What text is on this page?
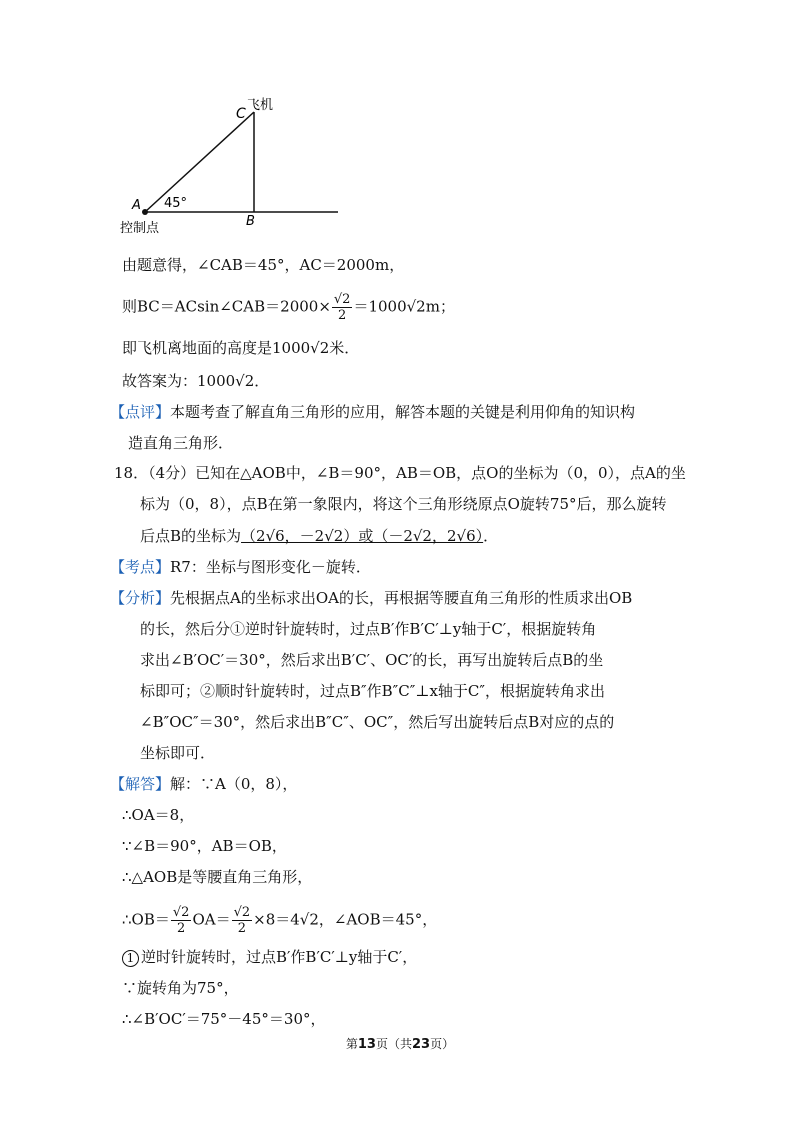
C
飞机
A 45°
B
控制点
由题意得，∠CAB＝45°，AC＝2000m，
则BC＝ACsin∠CAB＝2000× $\frac{√2}{2} =1000√2m$；
即飞机离地面的高度是1000√2米．
故答案为：1000√2．
【点评】本题考查了解直角三角形的应用，解答本题的关键是利用仰角的知识构
造直角三角形．
18．（4分）已知在△AOB中，∠B＝90°，AB＝OB，点O的坐标为（0，0），点A的坐
标为（0，8），点B在第一象限内，将这个三角形绕原点O旋转75°后，那么旋转
后点B的坐标为（2√6，－2√2）或（－2√2，2√6）．
【考点】R7：坐标与图形变化－旋转．
【分析】先根据点A的坐标求出OA的长，再根据等腰直角三角形的性质求出OB
的长，然后分①逆时针旋转时，过点B′作B′C′⊥y轴于C′，根据旋转角
求出∠B′OC′＝30°，然后求出B′C′、OC′的长，再写出旋转后点B的坐
标即可；②顺时针旋转时，过点B″作B″C″⊥x轴于C″，根据旋转角求出
∠B″OC″＝30°，然后求出B″C″、OC″，然后写出旋转后点B对应的点的
坐标即可．
【解答】解：∵A（0，8），
∴OA＝8，
∵∠B＝90°，AB＝OB，
∴△AOB是等腰直角三角形，
∴OB＝ $\frac{√2}{2} OA= \frac{√2}{2} \times 8=4√2$，∠AOB＝45°，
1 逆时针旋转时，过点B′作B′C′⊥y轴于C′，
∵旋转角为75°，
∴∠B′OC′＝75°－45°＝30°，
第13页（共23页）
